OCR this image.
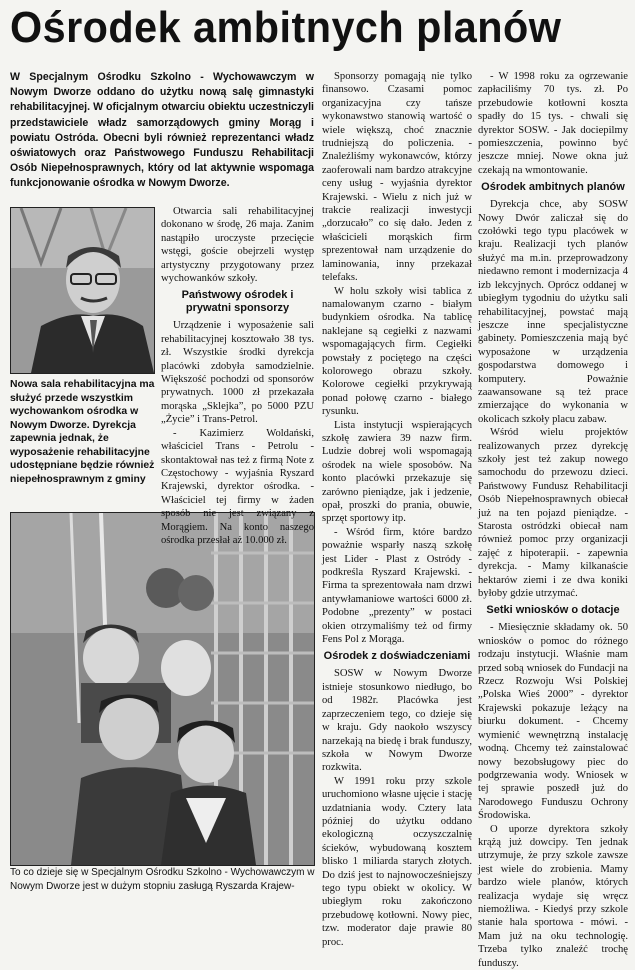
Ośrodek ambitnych planów
W Specjalnym Ośrodku Szkolno - Wychowawczym w Nowym Dworze oddano do użytku nową salę gimnastyki rehabilitacyjnej. W oficjalnym otwarciu obiektu uczestniczyli przedstawiciele władz samorządowych gminy Morąg i powiatu Ostróda. Obecni byli również reprezentanci władz oświatowych oraz Państwowego Funduszu Rehabilitacji Osób Niepełnosprawnych, który od lat aktywnie wspomaga funkcjonowanie ośrodka w Nowym Dworze.
Nowa sala rehabilitacyjna ma służyć przede wszystkim wychowankom ośrodka w Nowym Dworze. Dyrekcja zapewnia jednak, że wyposażenie rehabilitacyjne udostępniane będzie również niepełnosprawnym z gminy
To co dzieje się w Specjalnym Ośrodku Szkolno - Wychowawczym w Nowym Dworze jest w dużym stopniu zasługą Ryszarda Krajew-

Otwarcia sali rehabilitacyjnej dokonano w środę, 26 maja. Zanim nastąpiło uroczyste przecięcie wstęgi, goście obejrzeli występ artystyczny przygotowany przez wychowanków szkoły.

Państwowy ośrodek i prywatni sponsorzy

Urządzenie i wyposażenie sali rehabilitacyjnej kosztowało 38 tys. zł. Wszystkie środki dyrekcja placówki zdobyła samodzielnie. Większość pochodzi od sponsorów prywatnych. 1000 zł przekazała morąska „Sklejka”, po 5000 PZU „Życie” i Trans-Petrol.

- Kazimierz Woldański, właściciel Trans - Petrolu - skontaktował nas też z firmą Note z Częstochowy - wyjaśnia Ryszard Krajewski, dyrektor ośrodka. - Właściciel tej firmy w żaden sposób nie jest związany z Morągiem. Na konto naszego ośrodka przesłał aż 10.000 zł.

Sponsorzy pomagają nie tylko finansowo. Czasami pomoc organizacyjna czy tańsze wykonawstwo stanowią wartość o wiele większą, choć znacznie trudniejszą do policzenia. - Znaleźliśmy wykonawców, którzy zaoferowali nam bardzo atrakcyjne ceny usług - wyjaśnia dyrektor Krajewski. - Wielu z nich już w trakcie realizacji inwestycji „dorzucało” co się dało. Jeden z właścicieli morąskich firm sprezentował nam urządzenie do laminowania, inny przekazał telefaks.

W holu szkoły wisi tablica z namalowanym czarno - białym budynkiem ośrodka. Na tablicę naklejane są cegiełki z nazwami wspomagających firm. Cegiełki powstały z pociętego na części kolorowego obrazu szkoły. Kolorowe cegiełki przykrywają ponad połowę czarno - białego rysunku.

Lista instytucji wspierających szkołę zawiera 39 nazw firm. Ludzie dobrej woli wspomagają ośrodek na wiele sposobów. Na konto placówki przekazuje się zarówno pieniądze, jak i jedzenie, opał, proszki do prania, obuwie, sprzęt sportowy itp.

- Wśród firm, które bardzo poważnie wsparły naszą szkołę jest Lider - Plast z Ostródy - podkreśla Ryszard Krajewski. - Firma ta sprezentowała nam drzwi antywłamaniowe wartości 6000 zł. Podobne „prezenty” w postaci okien otrzymaliśmy też od firmy Fens Pol z Morąga.

Ośrodek z doświadczeniami

SOSW w Nowym Dworze istnieje stosunkowo niedługo, bo od 1982r. Placówka jest zaprzeczeniem tego, co dzieje się w kraju. Gdy naokoło wszyscy narzekają na biedę i brak funduszy, szkoła w Nowym Dworze rozkwita.

W 1991 roku przy szkole uruchomiono własne ujęcie i stację uzdatniania wody. Cztery lata później do użytku oddano ekologiczną oczyszczalnię ścieków, wybudowaną kosztem blisko 1 miliarda starych złotych. Do dziś jest to najnowocześniejszy tego typu obiekt w okolicy. W ubiegłym roku zakończono przebudowę kotłowni. Nowy piec, tzw. moderator daje prawie 80 proc.

- W 1998 roku za ogrzewanie zapłaciliśmy 70 tys. zł. Po przebudowie kotłowni koszta spadły do 15 tys. - chwali się dyrektor SOSW. - Jak dociepilmy pomieszczenia, powinno być jeszcze mniej. Nowe okna już czekają na wmontowanie.

Ośrodek ambitnych planów

Dyrekcja chce, aby SOSW Nowy Dwór zaliczał się do czołówki tego typu placówek w kraju. Realizacji tych planów służyć ma m.in. przeprowadzony niedawno remont i modernizacja 4 izb lekcyjnych. Oprócz oddanej w ubiegłym tygodniu do użytku sali rehabilitacyjnej, powstać mają jeszcze inne specjalistyczne gabinety. Pomieszczenia mają być wyposażone w urządzenia gospodarstwa domowego i komputery. Poważnie zaawansowane są też prace zmierzające do wykonania w okolicach szkoły placu zabaw.

Wśród wielu projektów realizowanych przez dyrekcję szkoły jest też zakup nowego samochodu do przewozu dzieci. Państwowy Fundusz Rehabilitacji Osób Niepełnosprawnych obiecał już na ten pojazd pieniądze. - Starosta ostródzki obiecał nam również pomoc przy organizacji zajęć z hipoterapii. - zapewnia dyrekcja. - Mamy kilkanaście hektarów ziemi i ze dwa koniki byłoby gdzie utrzymać.

Setki wniosków o dotacje

- Miesięcznie składamy ok. 50 wniosków o pomoc do różnego rodzaju instytucji. Właśnie mam przed sobą wniosek do Fundacji na Rzecz Rozwoju Wsi Polskiej „Polska Wieś 2000” - dyrektor Krajewski pokazuje leżący na biurku dokument. - Chcemy wymienić wewnętrzną instalację wodną. Chcemy też zainstalować nowy bezobsługowy piec do podgrzewania wody. Wniosek w tej sprawie poszedł już do Narodowego Funduszu Ochrony Środowiska.

O uporze dyrektora szkoły krążą już dowcipy. Ten jednak utrzymuje, że przy szkole zawsze jest wiele do zrobienia. Mamy bardzo wiele planów, których realizacja wydaje się wręcz niemożliwa. - Kiedyś przy szkole stanie hala sportowa - mówi. - Mam już na oku technologię. Trzeba tylko znaleźć trochę funduszy.
